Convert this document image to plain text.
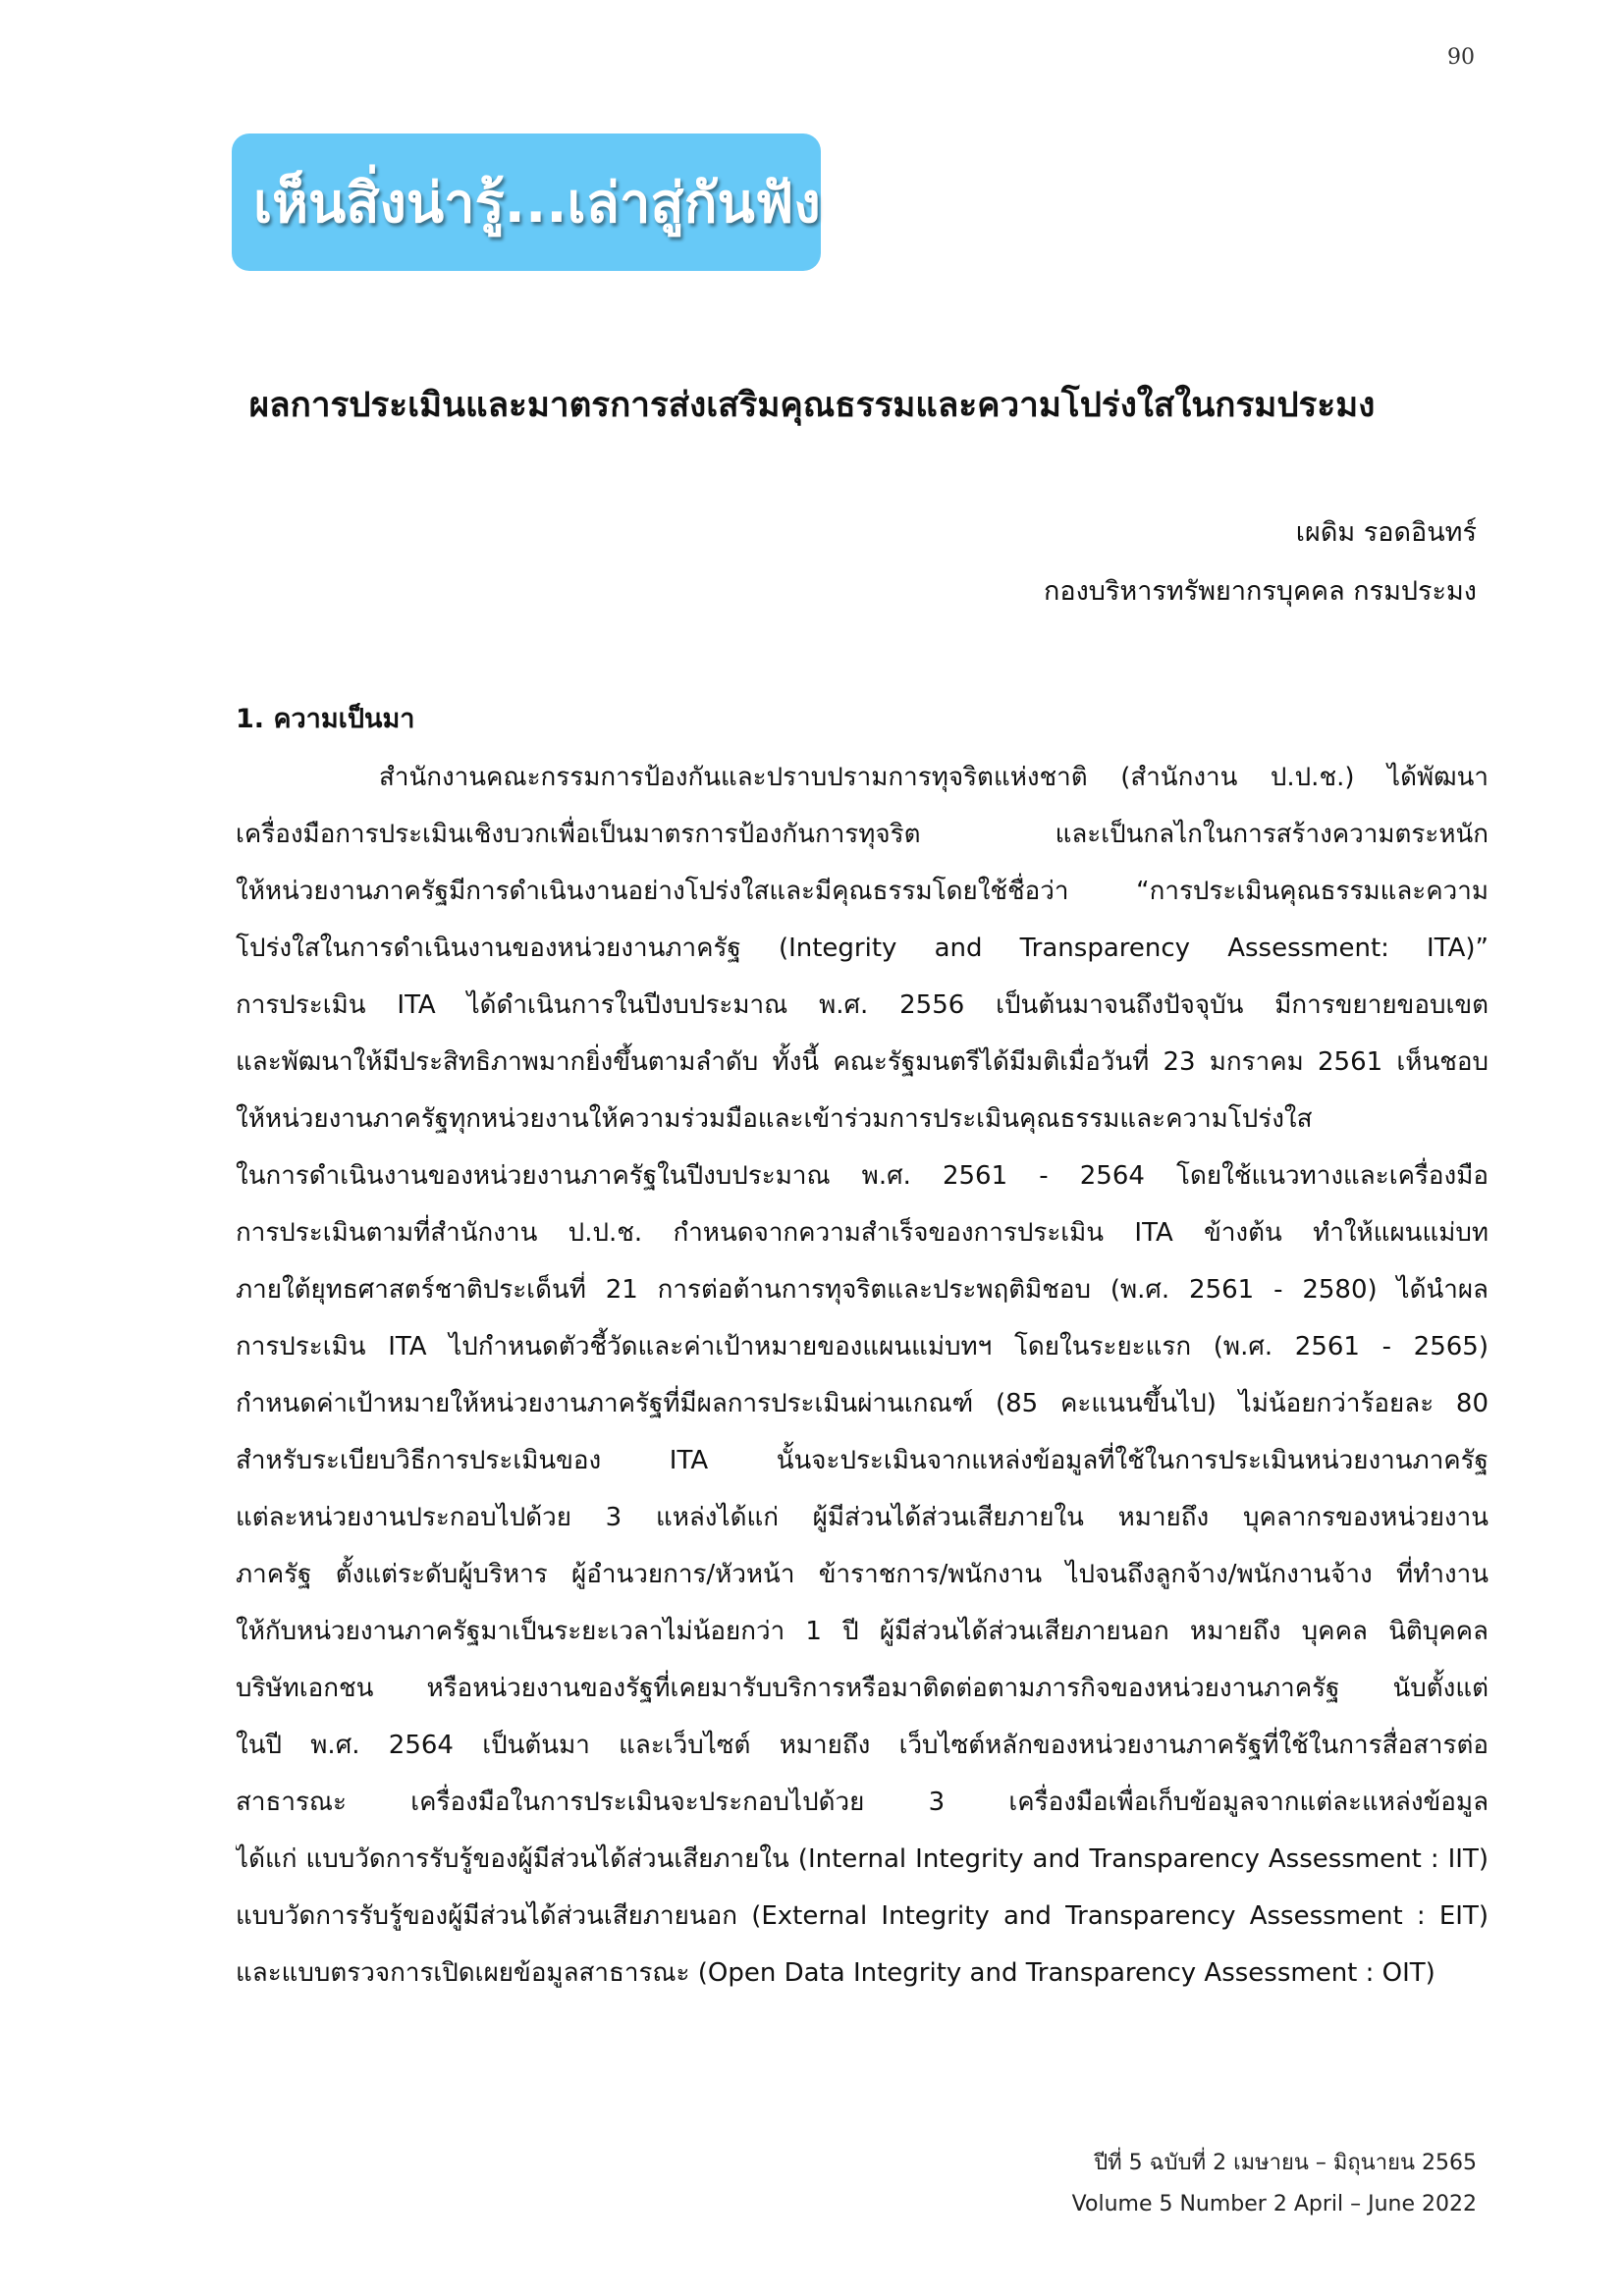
90
เห็นสิ่งน่ารู้...เล่าสู่กันฟัง
ผลการประเมินและมาตรการส่งเสริมคุณธรรมและความโปร่งใสในกรมประมง
เผดิม รอดอินทร์
กองบริหารทรัพยากรบุคคล กรมประมง
1. ความเป็นมา
สำนักงานคณะกรรมการป้องกันและปราบปรามการทุจริตแห่งชาติ (สำนักงาน ป.ป.ช.) ได้พัฒนา
เครื่องมือการประเมินเชิงบวกเพื่อเป็นมาตรการป้องกันการทุจริต และเป็นกลไกในการสร้างความตระหนัก
ให้หน่วยงานภาครัฐมีการดำเนินงานอย่างโปร่งใสและมีคุณธรรมโดยใช้ชื่อว่า “การประเมินคุณธรรมและความ
โปร่งใสในการดำเนินงานของหน่วยงานภาครัฐ (Integrity and Transparency Assessment: ITA)”
การประเมิน ITA ได้ดำเนินการในปีงบประมาณ พ.ศ. 2556 เป็นต้นมาจนถึงปัจจุบัน มีการขยายขอบเขต
และพัฒนาให้มีประสิทธิภาพมากยิ่งขึ้นตามลำดับ ทั้งนี้ คณะรัฐมนตรีได้มีมติเมื่อวันที่ 23 มกราคม 2561 เห็นชอบ
ให้หน่วยงานภาครัฐทุกหน่วยงานให้ความร่วมมือและเข้าร่วมการประเมินคุณธรรมและความโปร่งใส
ในการดำเนินงานของหน่วยงานภาครัฐในปีงบประมาณ พ.ศ. 2561 - 2564 โดยใช้แนวทางและเครื่องมือ
การประเมินตามที่สำนักงาน ป.ป.ช. กำหนดจากความสำเร็จของการประเมิน ITA ข้างต้น ทำให้แผนแม่บท
ภายใต้ยุทธศาสตร์ชาติประเด็นที่ 21 การต่อต้านการทุจริตและประพฤติมิชอบ (พ.ศ. 2561 - 2580) ได้นำผล
การประเมิน ITA ไปกำหนดตัวชี้วัดและค่าเป้าหมายของแผนแม่บทฯ โดยในระยะแรก (พ.ศ. 2561 - 2565)
กำหนดค่าเป้าหมายให้หน่วยงานภาครัฐที่มีผลการประเมินผ่านเกณฑ์ (85 คะแนนขึ้นไป) ไม่น้อยกว่าร้อยละ 80
สำหรับระเบียบวิธีการประเมินของ ITA นั้นจะประเมินจากแหล่งข้อมูลที่ใช้ในการประเมินหน่วยงานภาครัฐ
แต่ละหน่วยงานประกอบไปด้วย 3 แหล่งได้แก่ ผู้มีส่วนได้ส่วนเสียภายใน หมายถึง บุคลากรของหน่วยงาน
ภาครัฐ ตั้งแต่ระดับผู้บริหาร ผู้อำนวยการ/หัวหน้า ข้าราชการ/พนักงาน ไปจนถึงลูกจ้าง/พนักงานจ้าง ที่ทำงาน
ให้กับหน่วยงานภาครัฐมาเป็นระยะเวลาไม่น้อยกว่า 1 ปี ผู้มีส่วนได้ส่วนเสียภายนอก หมายถึง บุคคล นิติบุคคล
บริษัทเอกชน หรือหน่วยงานของรัฐที่เคยมารับบริการหรือมาติดต่อตามภารกิจของหน่วยงานภาครัฐ นับตั้งแต่
ในปี พ.ศ. 2564 เป็นต้นมา และเว็บไซต์ หมายถึง เว็บไซต์หลักของหน่วยงานภาครัฐที่ใช้ในการสื่อสารต่อ
สาธารณะ เครื่องมือในการประเมินจะประกอบไปด้วย 3 เครื่องมือเพื่อเก็บข้อมูลจากแต่ละแหล่งข้อมูล
ได้แก่ แบบวัดการรับรู้ของผู้มีส่วนได้ส่วนเสียภายใน (Internal Integrity and Transparency Assessment : IIT)
แบบวัดการรับรู้ของผู้มีส่วนได้ส่วนเสียภายนอก (External Integrity and Transparency Assessment : EIT)
และแบบตรวจการเปิดเผยข้อมูลสาธารณะ (Open Data Integrity and Transparency Assessment : OIT)
ปีที่ 5 ฉบับที่ 2 เมษายน – มิถุนายน 2565
Volume 5 Number 2 April – June 2022
